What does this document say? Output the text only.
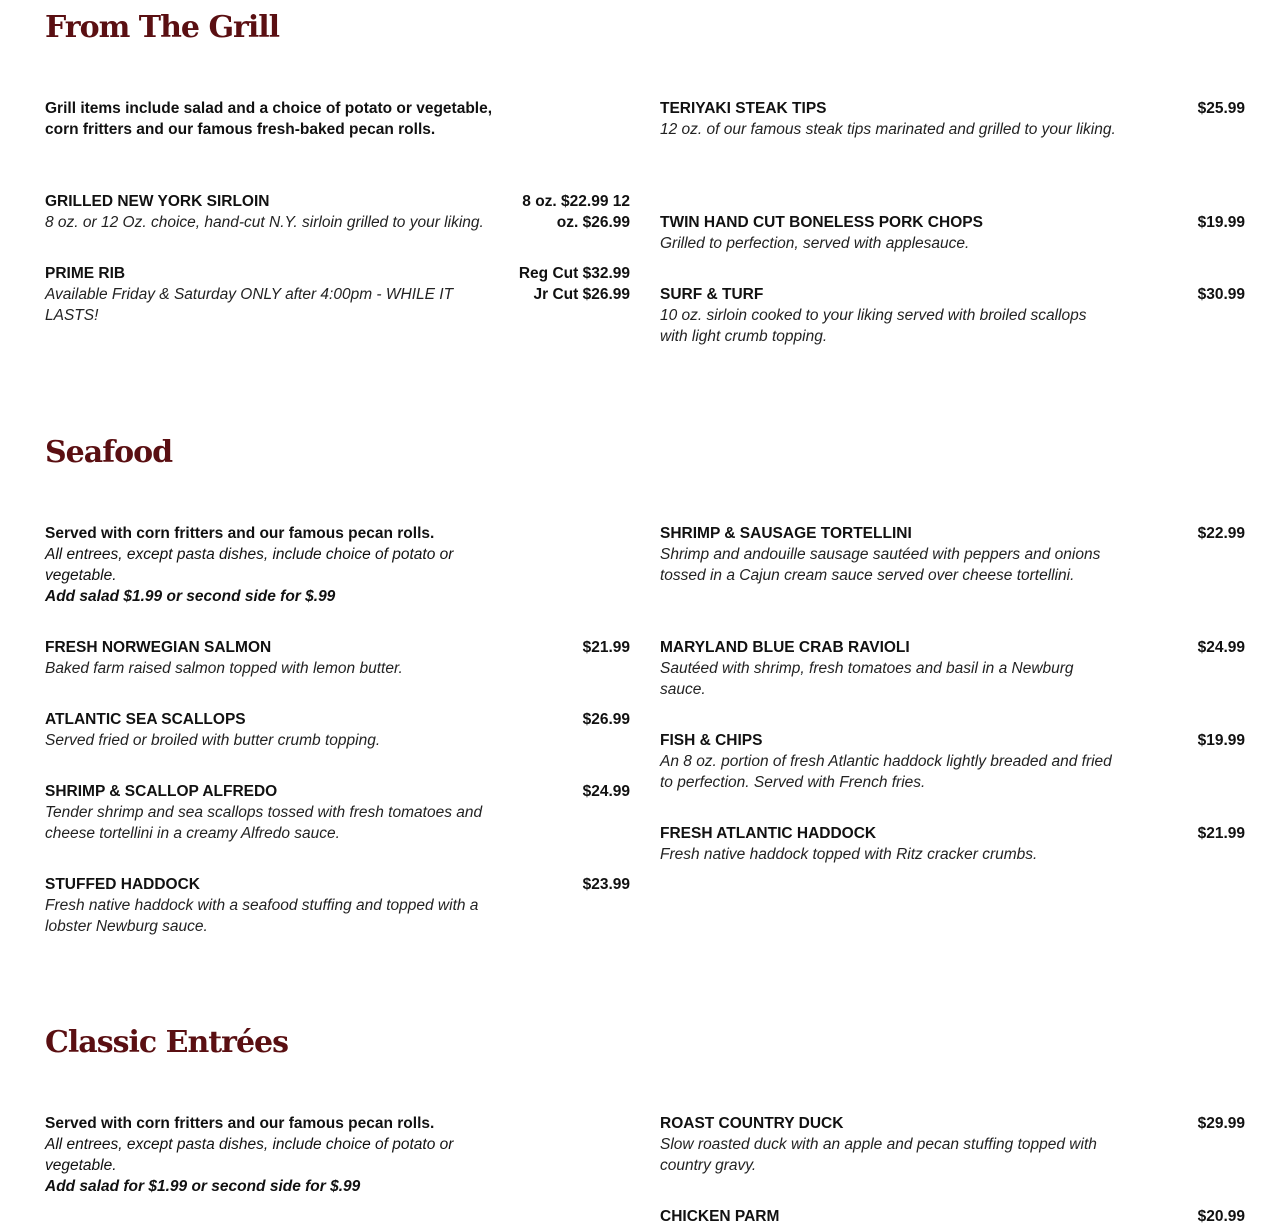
From The Grill

Grill items include salad and a choice of potato or vegetable, corn fritters and our famous fresh-baked pecan rolls.

GRILLED NEW YORK SIRLOIN

8 oz. or 12 Oz. choice, hand-cut N.Y. sirloin grilled to your liking.

8 oz. $22.99 12 oz. $26.99

PRIME RIB

Available Friday & Saturday ONLY after 4:00pm - WHILE IT LASTS!

Reg Cut $32.99 Jr Cut $26.99

TERIYAKI STEAK TIPS

12 oz. of our famous steak tips marinated and grilled to your liking.

$25.99

TWIN HAND CUT BONELESS PORK CHOPS

Grilled to perfection, served with applesauce.

$19.99

SURF & TURF

10 oz. sirloin cooked to your liking served with broiled scallops with light crumb topping.

$30.99

Seafood

Served with corn fritters and our famous pecan rolls.

All entrees, except pasta dishes, include choice of potato or vegetable.

Add salad $1.99 or second side for $.99

FRESH NORWEGIAN SALMON

Baked farm raised salmon topped with lemon butter.

$21.99

ATLANTIC SEA SCALLOPS

Served fried or broiled with butter crumb topping.

$26.99

SHRIMP & SCALLOP ALFREDO

Tender shrimp and sea scallops tossed with fresh tomatoes and cheese tortellini in a creamy Alfredo sauce.

$24.99

STUFFED HADDOCK

Fresh native haddock with a seafood stuffing and topped with a lobster Newburg sauce.

$23.99

SHRIMP & SAUSAGE TORTELLINI

Shrimp and andouille sausage sautéed with peppers and onions tossed in a Cajun cream sauce served over cheese tortellini.

$22.99

MARYLAND BLUE CRAB RAVIOLI

Sautéed with shrimp, fresh tomatoes and basil in a Newburg sauce.

$24.99

FISH & CHIPS

An 8 oz. portion of fresh Atlantic haddock lightly breaded and fried to perfection. Served with French fries.

$19.99

FRESH ATLANTIC HADDOCK

Fresh native haddock topped with Ritz cracker crumbs.

$21.99

Classic Entrées

Served with corn fritters and our famous pecan rolls.

All entrees, except pasta dishes, include choice of potato or vegetable.

Add salad for $1.99 or second side for $.99

ROAST COUNTRY DUCK

Slow roasted duck with an apple and pecan stuffing topped with country gravy.

$29.99

CHICKEN PARM	$20.99
